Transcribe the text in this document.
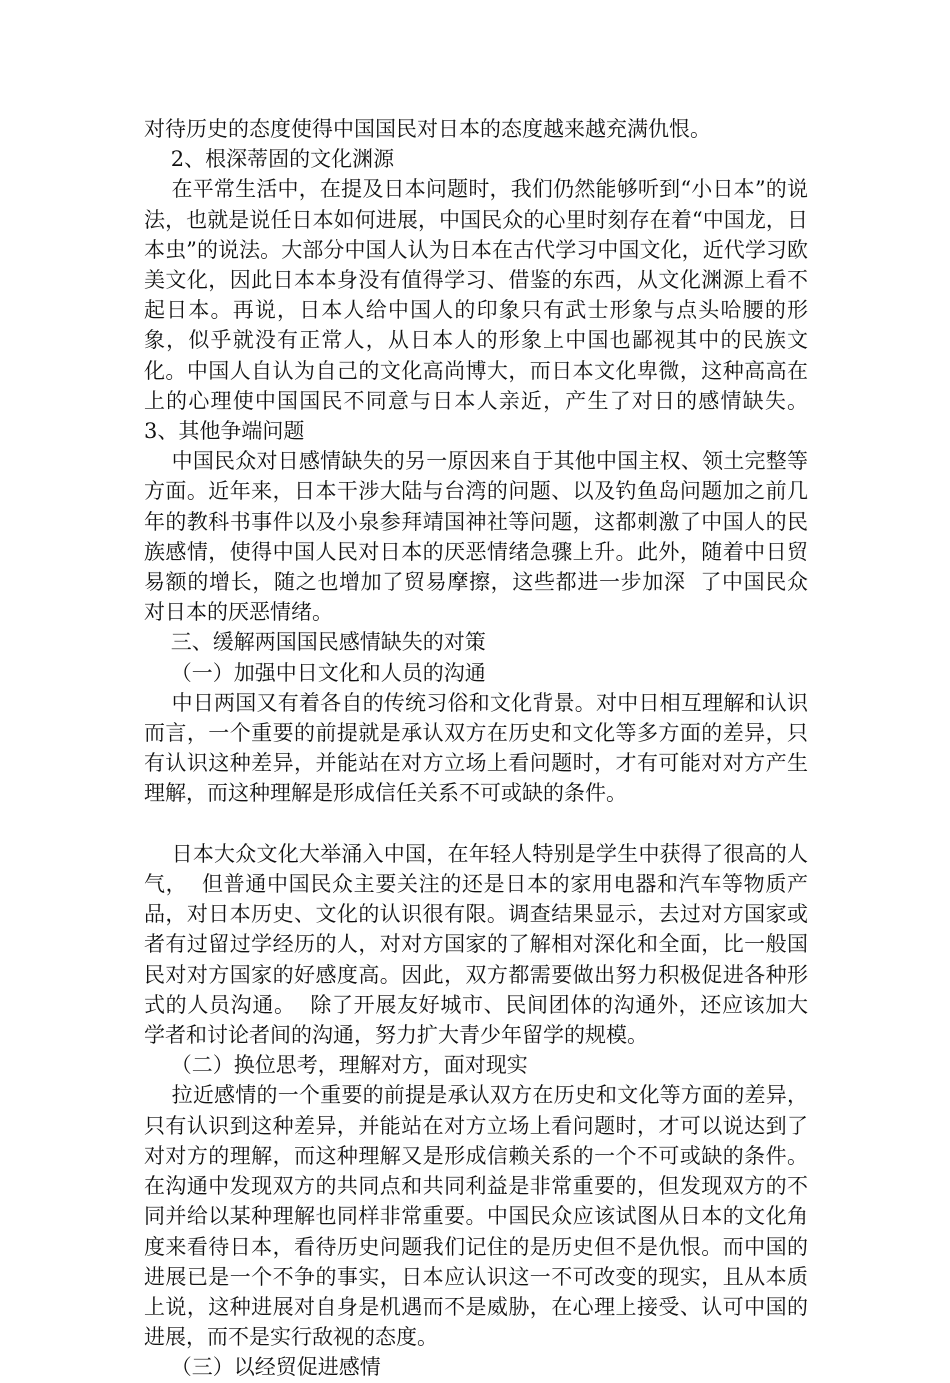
对待历史的态度使得中国国民对日本的态度越来越充满仇恨。

2、根深蒂固的文化渊源

在平常生活中，在提及日本问题时，我们仍然能够听到“小日本”的说法，也就是说任日本如何进展，中国民众的心里时刻存在着“中国龙，日本虫”的说法。大部分中国人认为日本在古代学习中国文化，近代学习欧美文化，因此日本本身没有值得学习、借鉴的东西，从文化渊源上看不起日本。再说，日本人给中国人的印象只有武士形象与点头哈腰的形象，似乎就没有正常人，从日本人的形象上中国也鄙视其中的民族文化。中国人自认为自己的文化高尚博大，而日本文化卑微，这种高高在上的心理使中国国民不同意与日本人亲近，产生了对日的感情缺失。        3、其他争端问题

中国民众对日感情缺失的另一原因来自于其他中国主权、领土完整等方面。近年来，日本干涉大陆与台湾的问题、以及钓鱼岛问题加之前几年的教科书事件以及小泉参拜靖国神社等问题，这都刺激了中国人的民族感情，使得中国人民对日本的厌恶情绪急骤上升。此外，随着中日贸易额的增长，随之也增加了贸易摩擦，这些都进一步加深  了中国民众对日本的厌恶情绪。

三、缓解两国国民感情缺失的对策

（一）加强中日文化和人员的沟通

中日两国又有着各自的传统习俗和文化背景。对中日相互理解和认识而言，一个重要的前提就是承认双方在历史和文化等多方面的差异，只有认识这种差异，并能站在对方立场上看问题时，才有可能对对方产生理解，而这种理解是形成信任关系不可或缺的条件。

日本大众文化大举涌入中国，在年轻人特别是学生中获得了很高的人气，  但普通中国民众主要关注的还是日本的家用电器和汽车等物质产品，对日本历史、文化的认识很有限。调查结果显示，去过对方国家或者有过留过学经历的人，对对方国家的了解相对深化和全面，比一般国民对对方国家的好感度高。因此，双方都需要做出努力积极促进各种形式的人员沟通。  除了开展友好城市、民间团体的沟通外，还应该加大学者和讨论者间的沟通，努力扩大青少年留学的规模。

（二）换位思考，理解对方，面对现实

拉近感情的一个重要的前提是承认双方在历史和文化等方面的差异，只有认识到这种差异，并能站在对方立场上看问题时，才可以说达到了对对方的理解，而这种理解又是形成信赖关系的一个不可或缺的条件。在沟通中发现双方的共同点和共同利益是非常重要的，但发现双方的不同并给以某种理解也同样非常重要。中国民众应该试图从日本的文化角度来看待日本，看待历史问题我们记住的是历史但不是仇恨。而中国的进展已是一个不争的事实，日本应认识这一不可改变的现实，且从本质上说，这种进展对自身是机遇而不是威胁，在心理上接受、认可中国的进展，而不是实行敌视的态度。

（三）以经贸促进感情
